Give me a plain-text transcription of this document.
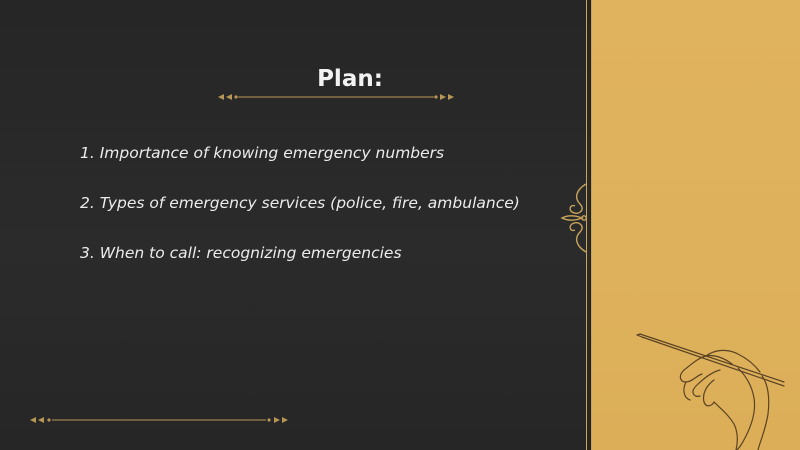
Plan:
1. Importance of knowing emergency numbers
2. Types of emergency services (police, fire, ambulance)
3. When to call: recognizing emergencies
